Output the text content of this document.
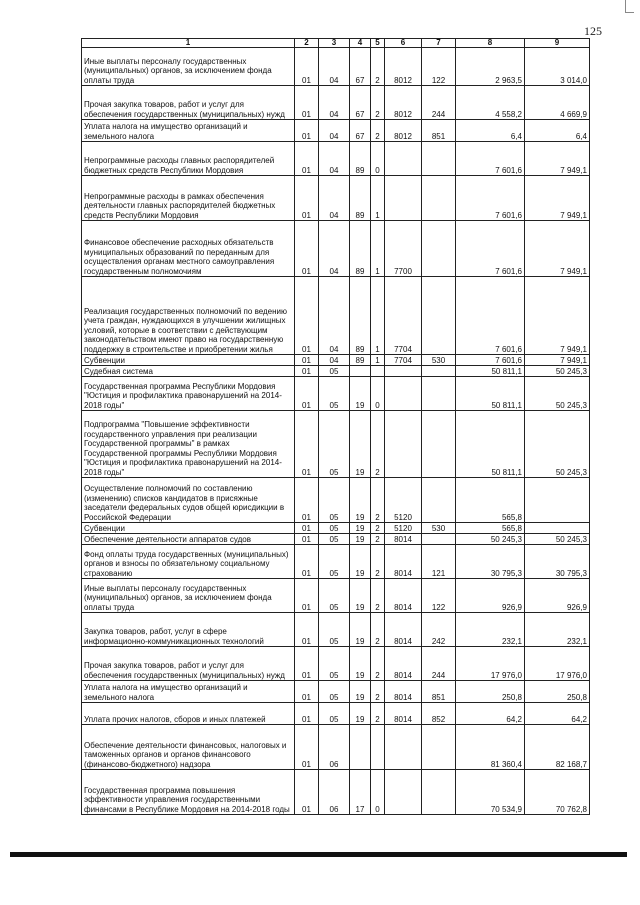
125
1	2	3	4	5	6	7	8	9
Иные выплаты персоналу государственных (муниципальных) органов, за исключением фонда оплаты труда	01	04	67	2	8012	122	2 963,5	3 014,0
Прочая закупка товаров, работ и услуг для обеспечения государственных (муниципальных) нужд	01	04	67	2	8012	244	4 558,2	4 669,9
Уплата налога на имущество организаций и земельного налога	01	04	67	2	8012	851	6,4	6,4
Непрограммные расходы главных распорядителей бюджетных средств Республики Мордовия	01	04	89	0			7 601,6	7 949,1
Непрограммные расходы в рамках обеспечения деятельности главных распорядителей бюджетных средств Республики Мордовия	01	04	89	1			7 601,6	7 949,1
Финансовое обеспечение расходных обязательств муниципальных образований по переданным для осуществления органам местного самоуправления государственным полномочиям	01	04	89	1	7700		7 601,6	7 949,1
Реализация государственных полномочий по ведению учета граждан, нуждающихся в улучшении жилищных условий, которые в соответствии с действующим законодательством имеют право на государственную поддержку в строительстве и приобретении жилья	01	04	89	1	7704		7 601,6	7 949,1
Субвенции	01	04	89	1	7704	530	7 601,6	7 949,1
Судебная система	01	05					50 811,1	50 245,3
Государственная программа Республики Мордовия "Юстиция и профилактика правонарушений на 2014-2018 годы"	01	05	19	0			50 811,1	50 245,3
Подпрограмма "Повышение эффективности государственного управления при реализации Государственной программы" в рамках Государственной программы Республики Мордовия "Юстиция и профилактика правонарушений на 2014-2018 годы"	01	05	19	2			50 811,1	50 245,3
Осуществление полномочий по составлению (изменению) списков кандидатов в присяжные заседатели федеральных судов общей юрисдикции в Российской Федерации	01	05	19	2	5120		565,8	
Субвенции	01	05	19	2	5120	530	565,8	
Обеспечение деятельности аппаратов судов	01	05	19	2	8014		50 245,3	50 245,3
Фонд оплаты труда государственных (муниципальных) органов и взносы по обязательному социальному страхованию	01	05	19	2	8014	121	30 795,3	30 795,3
Иные выплаты персоналу государственных (муниципальных) органов, за исключением фонда оплаты труда	01	05	19	2	8014	122	926,9	926,9
Закупка товаров, работ, услуг в сфере информационно-коммуникационных технологий	01	05	19	2	8014	242	232,1	232,1
Прочая закупка товаров, работ и услуг для обеспечения государственных (муниципальных) нужд	01	05	19	2	8014	244	17 976,0	17 976,0
Уплата налога на имущество организаций и земельного налога	01	05	19	2	8014	851	250,8	250,8
Уплата прочих налогов, сборов и иных платежей	01	05	19	2	8014	852	64,2	64,2
Обеспечение деятельности финансовых, налоговых и таможенных органов и органов финансового (финансово-бюджетного) надзора	01	06					81 360,4	82 168,7
Государственная программа повышения эффективности управления государственными финансами в Республике Мордовия на 2014-2018 годы	01	06	17	0			70 534,9	70 762,8
